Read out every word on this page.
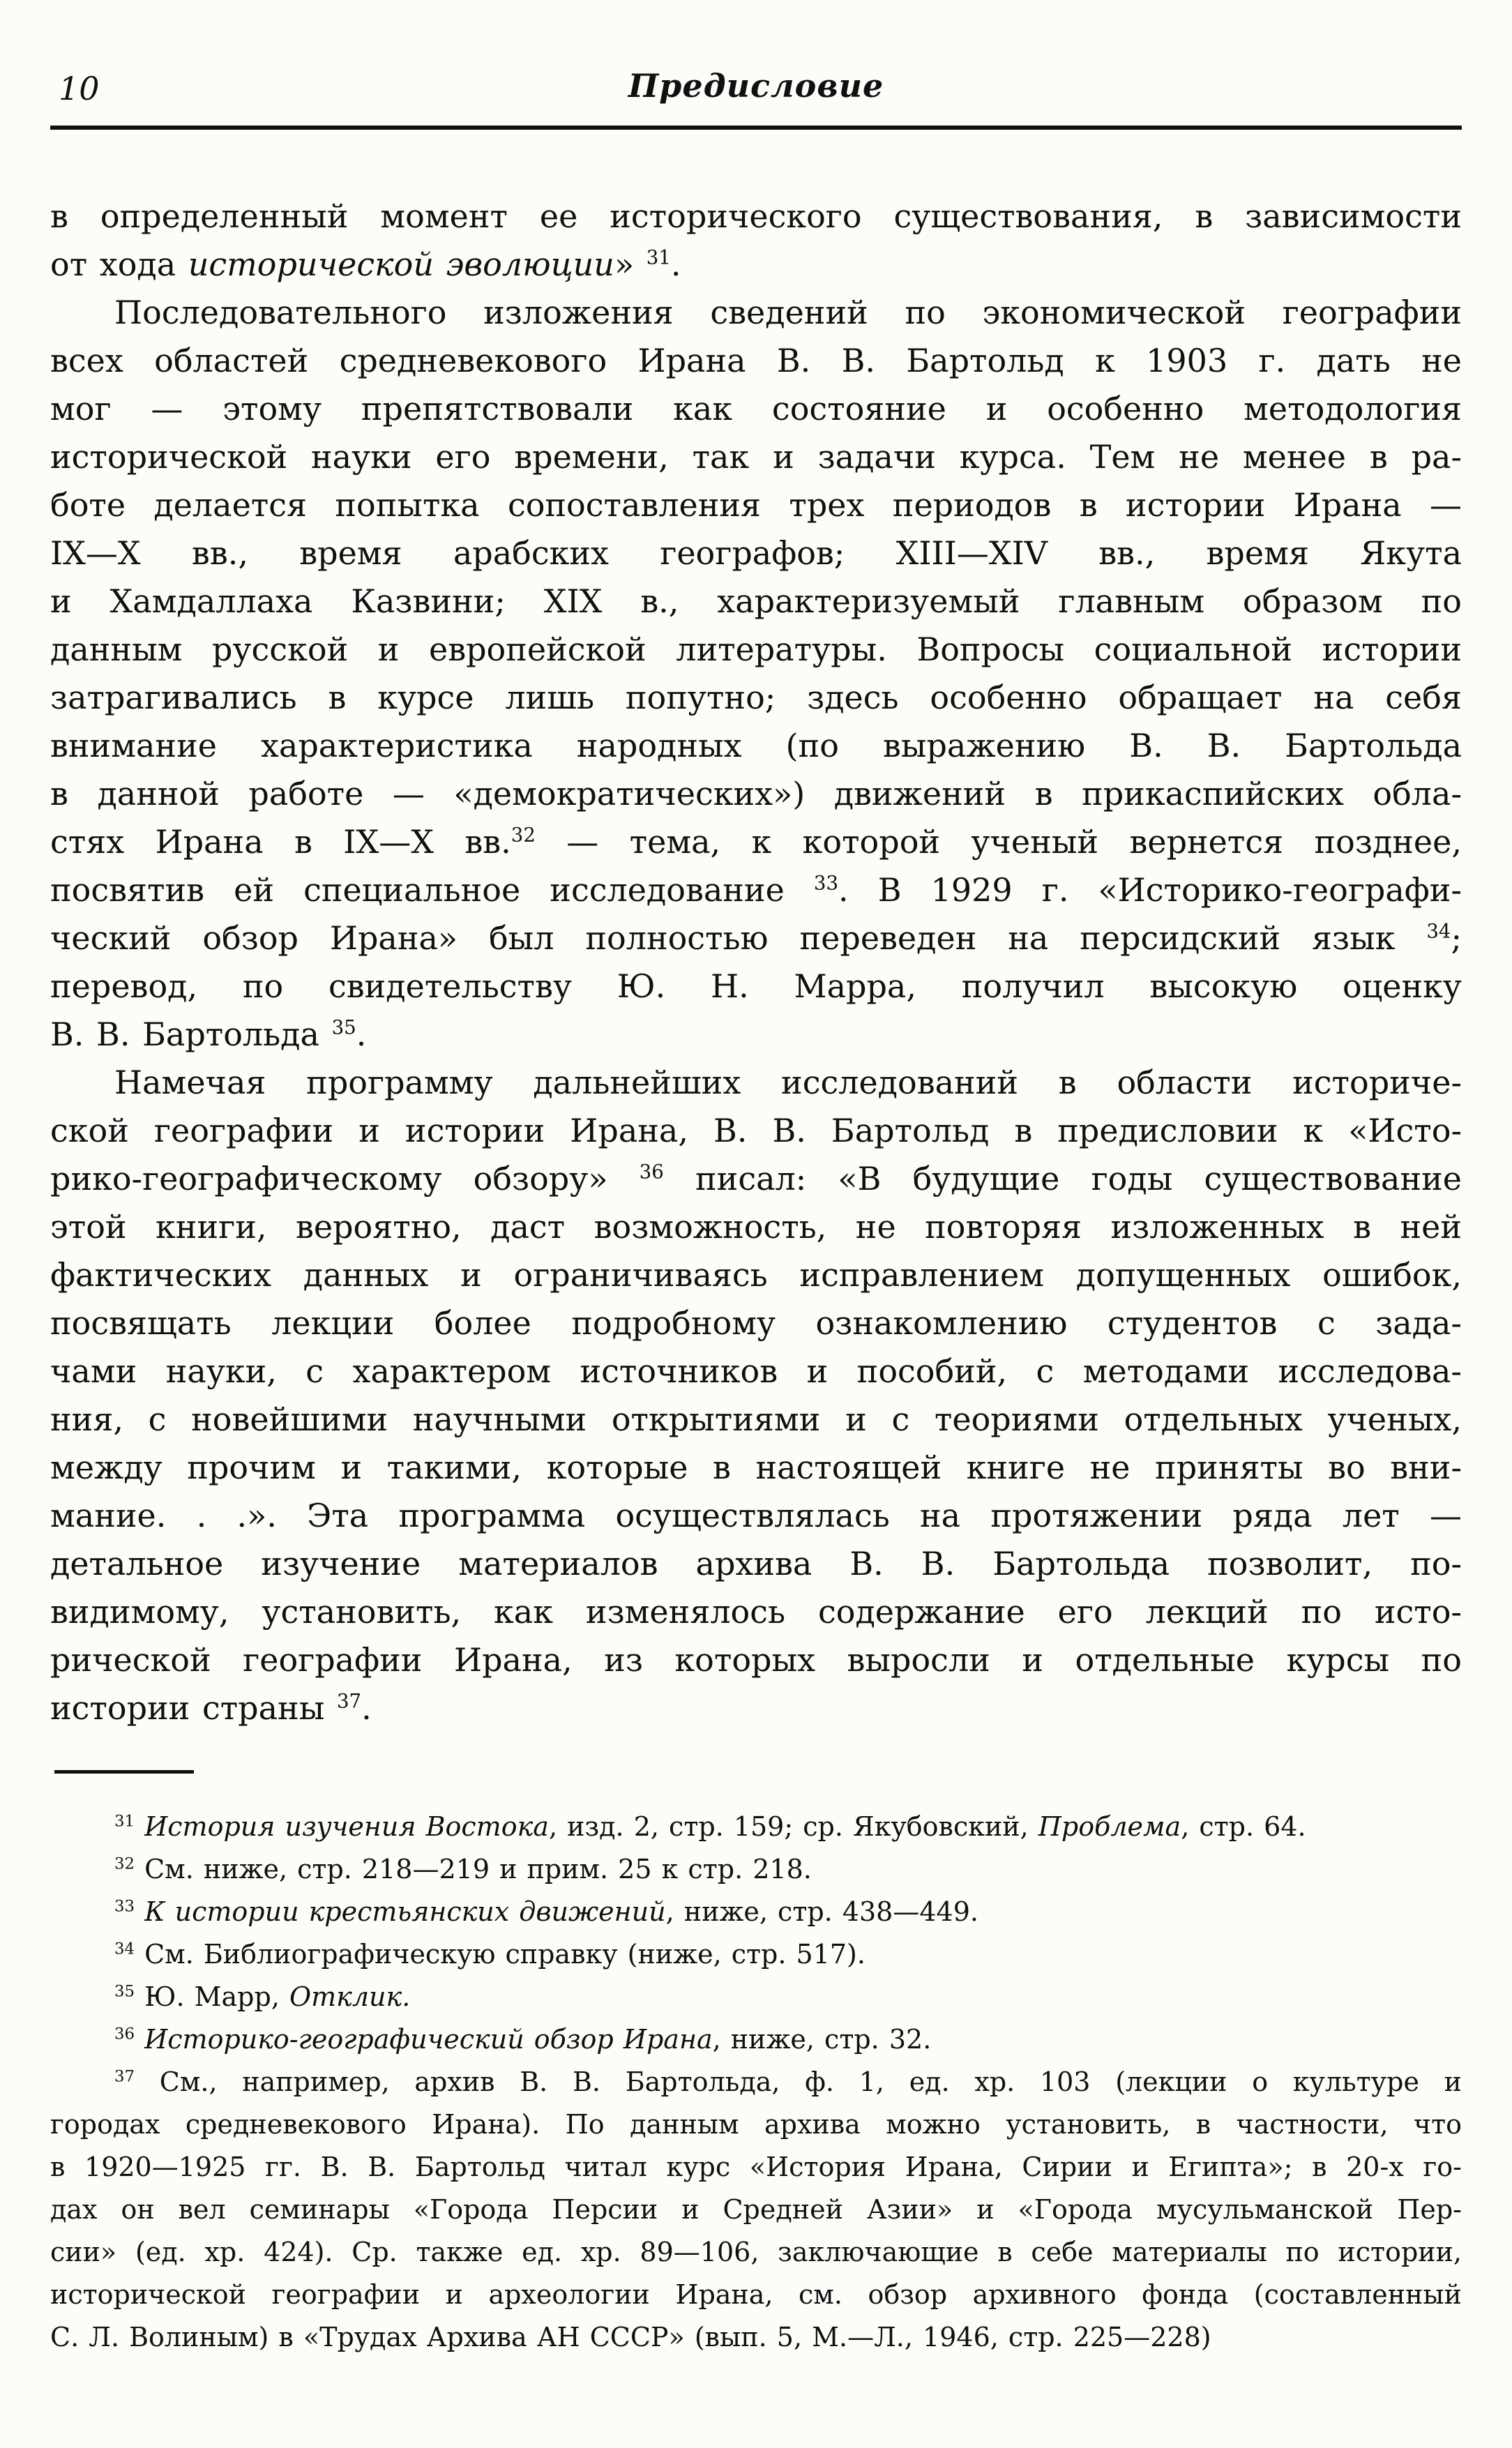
10	Предисловие
в определенный момент ее исторического существования, в зависимости
от хода исторической эволюции» $^{31}$.
Последовательного изложения сведений по экономической географии
всех областей средневекового Ирана В. В. Бартольд к 1903 г. дать не
мог — этому препятствовали как состояние и особенно методология
исторической науки его времени, так и задачи курса. Тем не менее в ра-
боте делается попытка сопоставления трех периодов в истории Ирана —
IX—X вв., время арабских географов; XIII—XIV вв., время Якута
и Хамдаллаха Казвини; XIX в., характеризуемый главным образом по
данным русской и европейской литературы. Вопросы социальной истории
затрагивались в курсе лишь попутно; здесь особенно обращает на себя
внимание характеристика народных (по выражению В. В. Бартольда
в данной работе — «демократических») движений в прикаспийских обла-
стях Ирана в IX—X вв.$^{32}$ — тема, к которой ученый вернется позднее,
посвятив ей специальное исследование $^{33}$. В 1929 г. «Историко-географи-
ческий обзор Ирана» был полностью переведен на персидский язык $^{34}$;
перевод, по свидетельству Ю. Н. Марра, получил высокую оценку
В. В. Бартольда $^{35}$.
Намечая программу дальнейших исследований в области историче-
ской географии и истории Ирана, В. В. Бартольд в предисловии к «Исто-
рико-географическому обзору» $^{36}$ писал: «В будущие годы существование
этой книги, вероятно, даст возможность, не повторяя изложенных в ней
фактических данных и ограничиваясь исправлением допущенных ошибок,
посвящать лекции более подробному ознакомлению студентов с зада-
чами науки, с характером источников и пособий, с методами исследова-
ния, с новейшими научными открытиями и с теориями отдельных ученых,
между прочим и такими, которые в настоящей книге не приняты во вни-
мание. . .». Эта программа осуществлялась на протяжении ряда лет —
детальное изучение материалов архива В. В. Бартольда позволит, по-
видимому, установить, как изменялось содержание его лекций по исто-
рической географии Ирана, из которых выросли и отдельные курсы по
истории страны $^{37}$.
$^{31}$ История изучения Востока, изд. 2, стр. 159; ср. Якубовский, Проблема, стр. 64.
$^{32}$ См. ниже, стр. 218—219 и прим. 25 к стр. 218.
$^{33}$ К истории крестьянских движений, ниже, стр. 438—449.
$^{34}$ См. Библиографическую справку (ниже, стр. 517).
$^{35}$ Ю. Марр, Отклик.
$^{36}$ Историко-географический обзор Ирана, ниже, стр. 32.
$^{37}$ См., например, архив В. В. Бартольда, ф. 1, ед. хр. 103 (лекции о культуре и
городах средневекового Ирана). По данным архива можно установить, в частности, что
в 1920—1925 гг. В. В. Бартольд читал курс «История Ирана, Сирии и Египта»; в 20-х го-
дах он вел семинары «Города Персии и Средней Азии» и «Города мусульманской Пер-
сии» (ед. хр. 424). Ср. также ед. хр. 89—106, заключающие в себе материалы по истории,
исторической географии и археологии Ирана, см. обзор архивного фонда (составленный
С. Л. Волиным) в «Трудах Архива АН СССР» (вып. 5, М.—Л., 1946, стр. 225—228)
